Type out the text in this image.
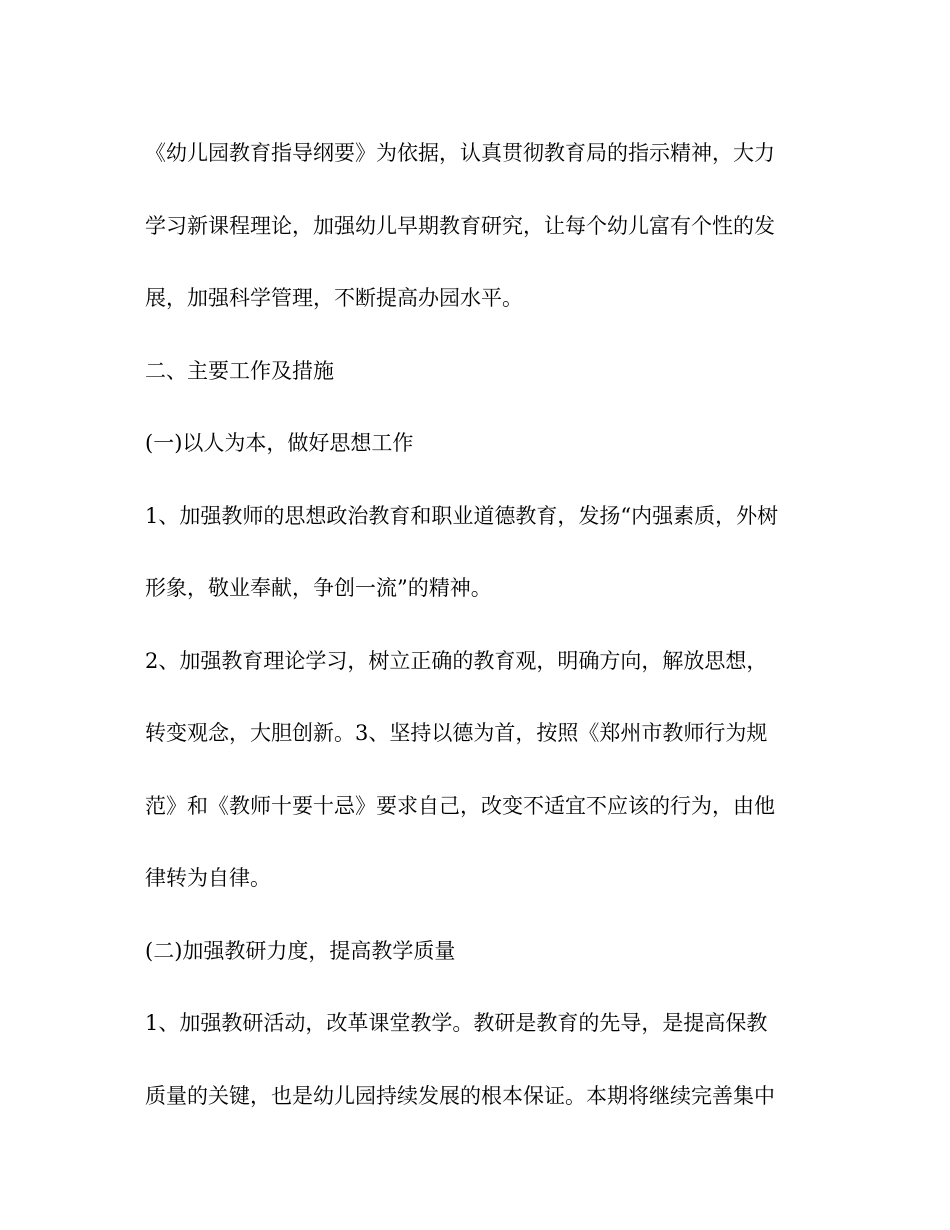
《幼儿园教育指导纲要》为依据，认真贯彻教育局的指示精神，大力

学习新课程理论，加强幼儿早期教育研究，让每个幼儿富有个性的发

展，加强科学管理，不断提高办园水平。

二、主要工作及措施

(一)以人为本，做好思想工作

1、加强教师的思想政治教育和职业道德教育，发扬“内强素质，外树

形象，敬业奉献，争创一流”的精神。

2、加强教育理论学习，树立正确的教育观，明确方向，解放思想，

转变观念，大胆创新。3、坚持以德为首，按照《郑州市教师行为规

范》和《教师十要十忌》要求自己，改变不适宜不应该的行为，由他

律转为自律。

(二)加强教研力度，提高教学质量

1、加强教研活动，改革课堂教学。教研是教育的先导，是提高保教

质量的关键，也是幼儿园持续发展的根本保证。本期将继续完善集中
